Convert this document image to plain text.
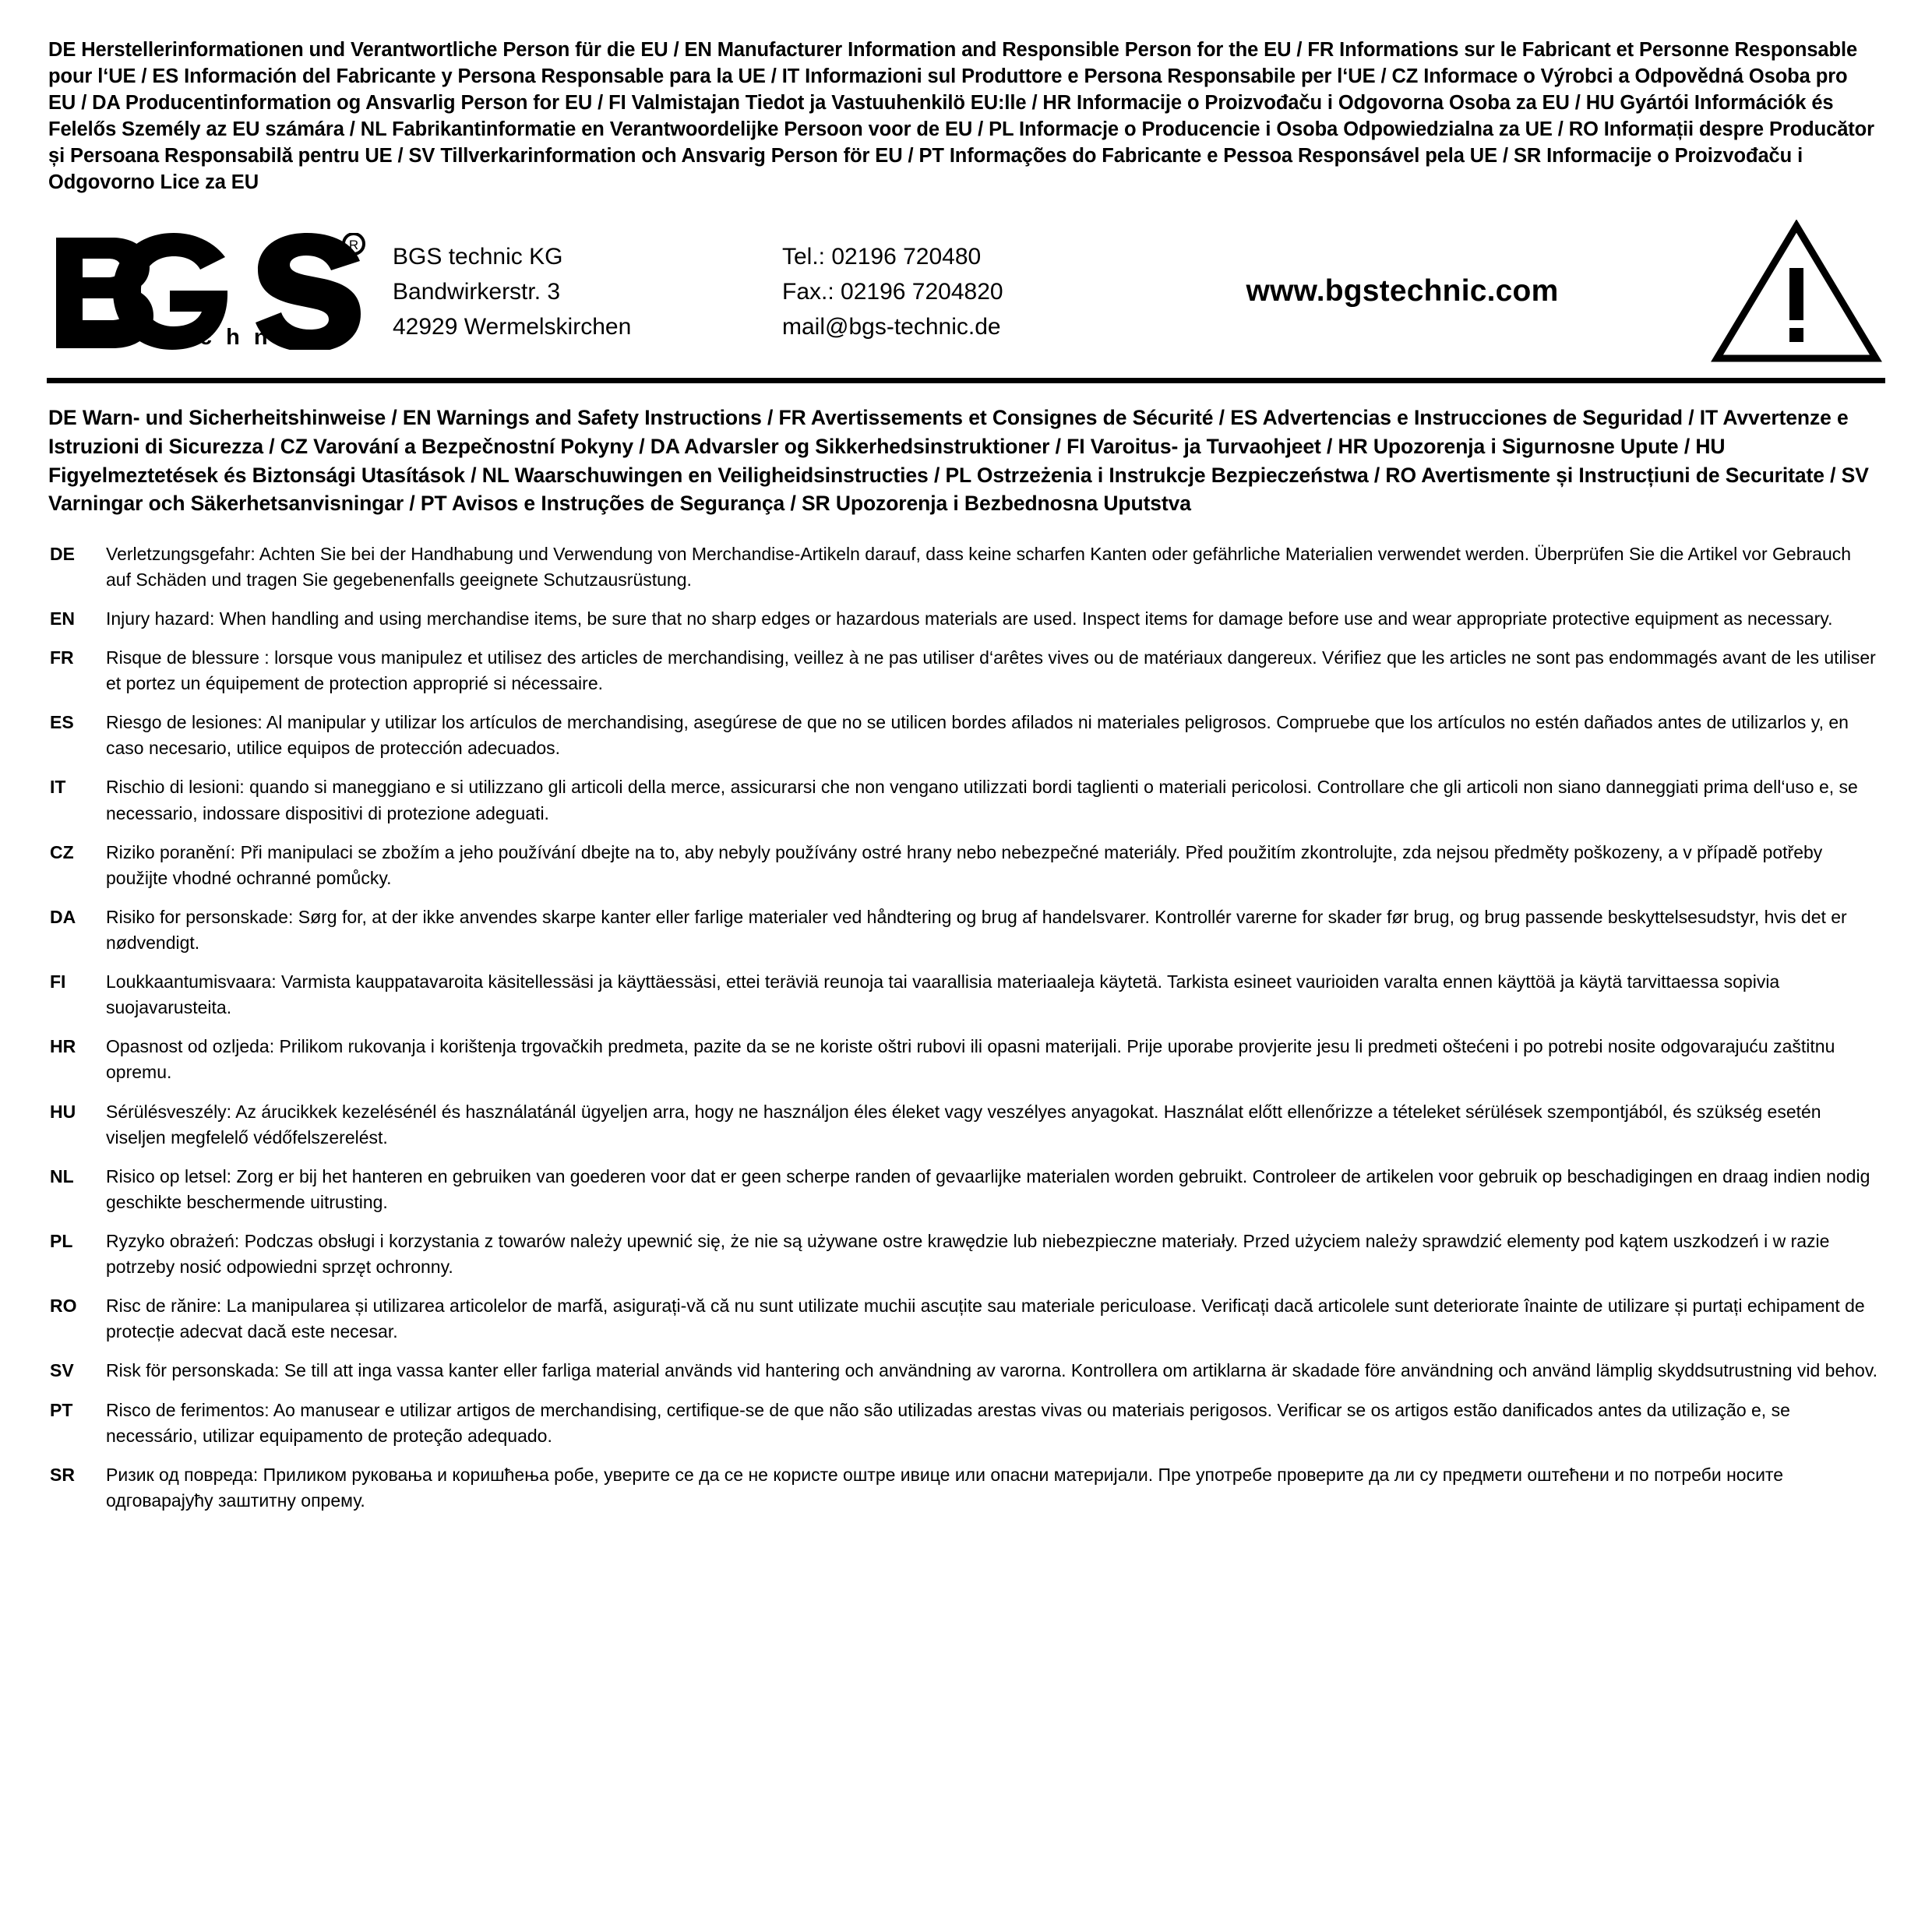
DE Herstellerinformationen und Verantwortliche Person für die EU / EN Manufacturer Information and Responsible Person for the EU / FR Informations sur le Fabricant et Personne Responsable pour l‘UE / ES Información del Fabricante y Persona Responsable para la UE / IT Informazioni sul Produttore e Persona Responsabile per l‘UE / CZ Informace o Výrobci a Odpovědná Osoba pro EU / DA Producentinformation og Ansvarlig Person for EU / FI Valmistajan Tiedot ja Vastuuhenkilö EU:lle / HR Informacije o Proizvođaču i Odgovorna Osoba za EU / HU Gyártói Információk és Felelős Személy az EU számára / NL Fabrikantinformatie en Verantwoordelijke Persoon voor de EU / PL Informacje o Producencie i Osoba Odpowiedzialna za UE / RO Informații despre Producător și Persoana Responsabilă pentru UE / SV Tillverkarinformation och Ansvarig Person för EU / PT Informações do Fabricante e Pessoa Responsável pela UE / SR Informacije o Proizvođaču i Odgovorno Lice za EU
R
t e c h n i c
BGS technic KG
Bandwirkerstr. 3
42929 Wermelskirchen
Tel.: 02196 720480
Fax.: 02196 7204820
mail@bgs-technic.de
www.bgstechnic.com
DE Warn- und Sicherheitshinweise / EN Warnings and Safety Instructions / FR Avertissements et Consignes de Sécurité / ES Advertencias e Instrucciones de Seguridad / IT Avvertenze e Istruzioni di Sicurezza / CZ Varování a Bezpečnostní Pokyny / DA Advarsler og Sikkerhedsinstruktioner / FI Varoitus- ja Turvaohjeet / HR Upozorenja i Sigurnosne Upute / HU Figyelmeztetések és Biztonsági Utasítások / NL Waarschuwingen en Veiligheidsinstructies / PL Ostrzeżenia i Instrukcje Bezpieczeństwa / RO Avertismente și Instrucțiuni de Securitate / SV Varningar och Säkerhetsanvisningar / PT Avisos e Instruções de Segurança / SR Upozorenja i Bezbednosna Uputstva
DE	Verletzungsgefahr: Achten Sie bei der Handhabung und Verwendung von Merchandise-Artikeln darauf, dass keine scharfen Kanten oder gefährliche Materialien verwendet werden. Überprüfen Sie die Artikel vor Gebrauch auf Schäden und tragen Sie gegebenenfalls geeignete Schutzausrüstung.
EN	Injury hazard: When handling and using merchandise items, be sure that no sharp edges or hazardous materials are used. Inspect items for damage before use and wear appropriate protective equipment as necessary.
FR	Risque de blessure : lorsque vous manipulez et utilisez des articles de merchandising, veillez à ne pas utiliser d‘arêtes vives ou de matériaux dangereux. Vérifiez que les articles ne sont pas endommagés avant de les utiliser et portez un équipement de protection approprié si nécessaire.
ES	Riesgo de lesiones: Al manipular y utilizar los artículos de merchandising, asegúrese de que no se utilicen bordes afilados ni materiales peligrosos. Compruebe que los artículos no estén dañados antes de utilizarlos y, en caso necesario, utilice equipos de protección adecuados.
IT	Rischio di lesioni: quando si maneggiano e si utilizzano gli articoli della merce, assicurarsi che non vengano utilizzati bordi taglienti o materiali pericolosi. Controllare che gli articoli non siano danneggiati prima dell‘uso e, se necessario, indossare dispositivi di protezione adeguati.
CZ	Riziko poranění: Při manipulaci se zbožím a jeho používání dbejte na to, aby nebyly používány ostré hrany nebo nebezpečné materiály. Před použitím zkontrolujte, zda nejsou předměty poškozeny, a v případě potřeby použijte vhodné ochranné pomůcky.
DA	Risiko for personskade: Sørg for, at der ikke anvendes skarpe kanter eller farlige materialer ved håndtering og brug af handelsvarer. Kontrollér varerne for skader før brug, og brug passende beskyttelsesudstyr, hvis det er nødvendigt.
FI	Loukkaantumisvaara: Varmista kauppatavaroita käsitellessäsi ja käyttäessäsi, ettei teräviä reunoja tai vaarallisia materiaaleja käytetä. Tarkista esineet vaurioiden varalta ennen käyttöä ja käytä tarvittaessa sopivia suojavarusteita.
HR	Opasnost od ozljeda: Prilikom rukovanja i korištenja trgovačkih predmeta, pazite da se ne koriste oštri rubovi ili opasni materijali. Prije uporabe provjerite jesu li predmeti oštećeni i po potrebi nosite odgovarajuću zaštitnu opremu.
HU	Sérülésveszély: Az árucikkek kezelésénél és használatánál ügyeljen arra, hogy ne használjon éles éleket vagy veszélyes anyagokat. Használat előtt ellenőrizze a tételeket sérülések szempontjából, és szükség esetén viseljen megfelelő védőfelszerelést.
NL	Risico op letsel: Zorg er bij het hanteren en gebruiken van goederen voor dat er geen scherpe randen of gevaarlijke materialen worden gebruikt. Controleer de artikelen voor gebruik op beschadigingen en draag indien nodig geschikte beschermende uitrusting.
PL	Ryzyko obrażeń: Podczas obsługi i korzystania z towarów należy upewnić się, że nie są używane ostre krawędzie lub niebezpieczne materiały. Przed użyciem należy sprawdzić elementy pod kątem uszkodzeń i w razie potrzeby nosić odpowiedni sprzęt ochronny.
RO	Risc de rănire: La manipularea și utilizarea articolelor de marfă, asigurați-vă că nu sunt utilizate muchii ascuțite sau materiale periculoase. Verificați dacă articolele sunt deteriorate înainte de utilizare și purtați echipament de protecție adecvat dacă este necesar.
SV	Risk för personskada: Se till att inga vassa kanter eller farliga material används vid hantering och användning av varorna. Kontrollera om artiklarna är skadade före användning och använd lämplig skyddsutrustning vid behov.
PT	Risco de ferimentos: Ao manusear e utilizar artigos de merchandising, certifique-se de que não são utilizadas arestas vivas ou materiais perigosos. Verificar se os artigos estão danificados antes da utilização e, se necessário, utilizar equipamento de proteção adequado.
SR	Ризик од повреда: Приликом руковања и коришћења робе, уверите се да се не користе оштре ивице или опасни материјали. Пре употребе проверите да ли су предмети оштећени и по потреби носите одговарајућу заштитну опрему.
